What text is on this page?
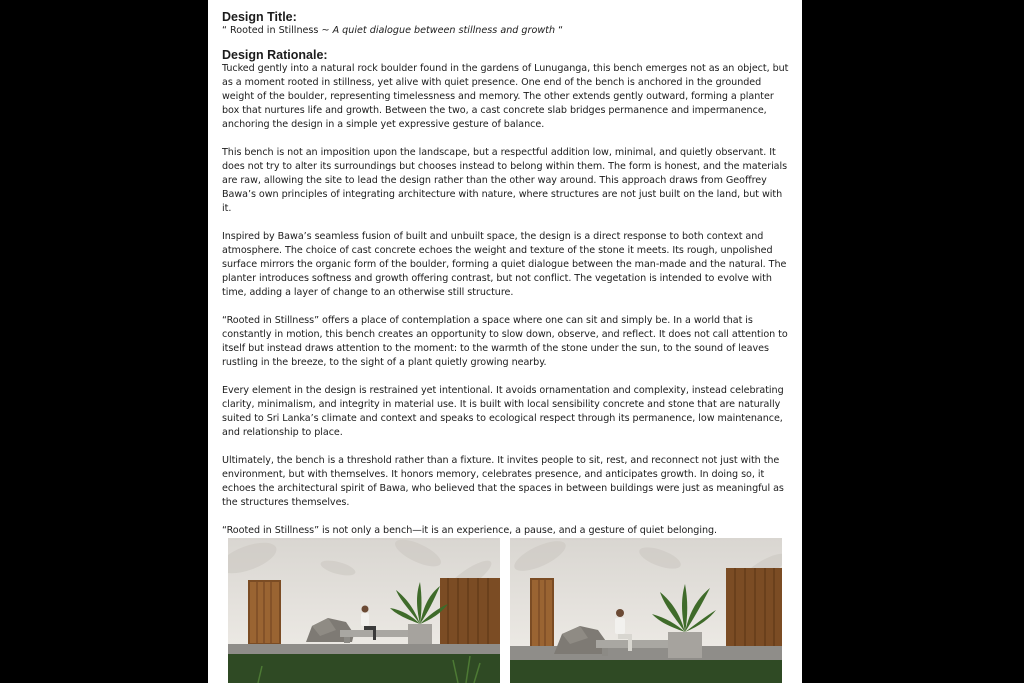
Design Title:

“ Rooted in Stillness ~ A quiet dialogue between stillness and growth “

Design Rationale:

Tucked gently into a natural rock boulder found in the gardens of Lunuganga, this bench emerges not as an object, but as a moment rooted in stillness, yet alive with quiet presence. One end of the bench is anchored in the grounded weight of the boulder, representing timelessness and memory. The other extends gently outward, forming a planter box that nurtures life and growth. Between the two, a cast concrete slab bridges permanence and impermanence, anchoring the design in a simple yet expressive gesture of balance.

This bench is not an imposition upon the landscape, but a respectful addition low, minimal, and quietly observant. It does not try to alter its surroundings but chooses instead to belong within them. The form is honest, and the materials are raw, allowing the site to lead the design rather than the other way around. This approach draws from Geoffrey Bawa’s own principles of integrating architecture with nature, where structures are not just built on the land, but with it.

Inspired by Bawa’s seamless fusion of built and unbuilt space, the design is a direct response to both context and atmosphere. The choice of cast concrete echoes the weight and texture of the stone it meets. Its rough, unpolished surface mirrors the organic form of the boulder, forming a quiet dialogue between the man-made and the natural. The planter introduces softness and growth offering contrast, but not conflict. The vegetation is intended to evolve with time, adding a layer of change to an otherwise still structure.

“Rooted in Stillness” offers a place of contemplation a space where one can sit and simply be. In a world that is constantly in motion, this bench creates an opportunity to slow down, observe, and reflect. It does not call attention to itself but instead draws attention to the moment: to the warmth of the stone under the sun, to the sound of leaves rustling in the breeze, to the sight of a plant quietly growing nearby.

Every element in the design is restrained yet intentional. It avoids ornamentation and complexity, instead celebrating clarity, minimalism, and integrity in material use. It is built with local sensibility concrete and stone that are naturally suited to Sri Lanka’s climate and context and speaks to ecological respect through its permanence, low maintenance, and relationship to place.

Ultimately, the bench is a threshold rather than a fixture. It invites people to sit, rest, and reconnect not just with the environment, but with themselves. It honors memory, celebrates presence, and anticipates growth. In doing so, it echoes the architectural spirit of Bawa, who believed that the spaces in between buildings were just as meaningful as the structures themselves.

“Rooted in Stillness” is not only a bench—it is an experience, a pause, and a gesture of quiet belonging.
